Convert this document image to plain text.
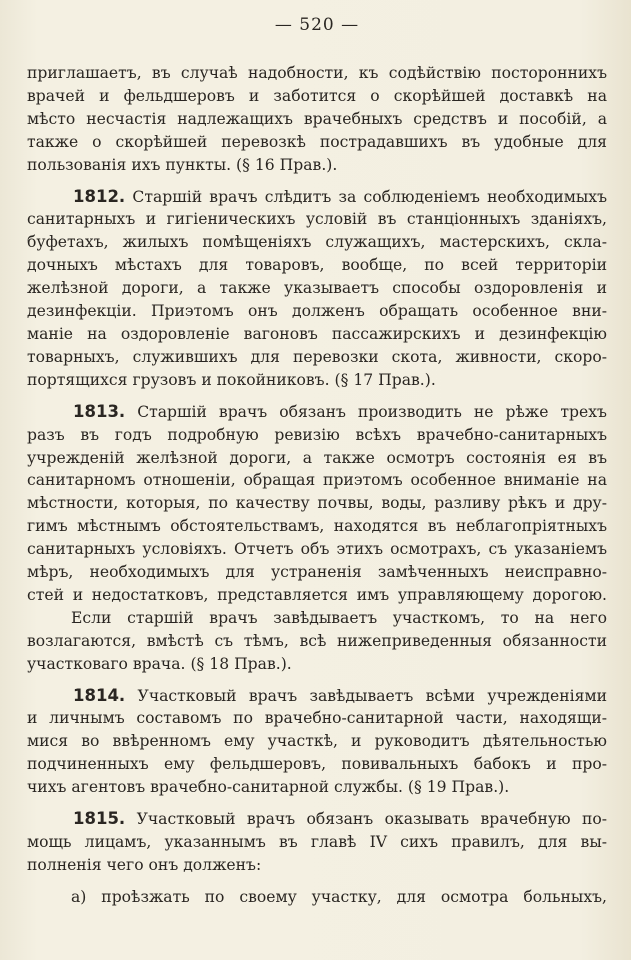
— 520 —
приглашаетъ, въ случаѣ надобности, къ содѣйствiю постороннихъ
врачей и фельдшеровъ и заботится о скорѣйшей доставкѣ на
мѣсто несчастiя надлежащихъ врачебныхъ средствъ и пособiй, а
также о скорѣйшей перевозкѣ пострадавшихъ въ удобные для
пользованiя ихъ пункты. (§ 16 Прав.).
1812. Старшiй врачъ слѣдитъ за соблюденiемъ необходимыхъ
санитарныхъ и гигiеническихъ условiй въ станцiонныхъ зданiяхъ,
буфетахъ, жилыхъ помѣщенiяхъ служащихъ, мастерскихъ, скла-
дочныхъ мѣстахъ для товаровъ, вообще, по всей территорiи
желѣзной дороги, а также указываетъ способы оздоровленiя и
дезинфекцiи. Приэтомъ онъ долженъ обращать особенное вни-
манiе на оздоровленiе вагоновъ пассажирскихъ и дезинфекцiю
товарныхъ, служившихъ для перевозки скота, живности, скоро-
портящихся грузовъ и покойниковъ. (§ 17 Прав.).
1813. Старшiй врачъ обязанъ производить не рѣже трехъ
разъ въ годъ подробную ревизiю всѣхъ врачебно-санитарныхъ
учрежденiй желѣзной дороги, а также осмотръ состоянiя ея въ
санитарномъ отношенiи, обращая приэтомъ особенное вниманiе на
мѣстности, которыя, по качеству почвы, воды, разливу рѣкъ и дру-
гимъ мѣстнымъ обстоятельствамъ, находятся въ неблагопрiятныхъ
санитарныхъ условiяхъ. Отчетъ объ этихъ осмотрахъ, съ указанiемъ
мѣръ, необходимыхъ для устраненiя замѣченныхъ неисправно-
стей и недостатковъ, представляется имъ управляющему дорогою.
Если старшiй врачъ завѣдываетъ участкомъ, то на него
возлагаются, вмѣстѣ съ тѣмъ, всѣ нижеприведенныя обязанности
участковаго врача. (§ 18 Прав.).
1814. Участковый врачъ завѣдываетъ всѣми учрежденiями
и личнымъ составомъ по врачебно-санитарной части, находящи-
мися во ввѣренномъ ему участкѣ, и руководитъ дѣятельностью
подчиненныхъ ему фельдшеровъ, повивальныхъ бабокъ и про-
чихъ агентовъ врачебно-санитарной службы. (§ 19 Прав.).
1815. Участковый врачъ обязанъ оказывать врачебную по-
мощь лицамъ, указаннымъ въ главѣ IV сихъ правилъ, для вы-
полненiя чего онъ долженъ:
а) проѣзжать по своему участку, для осмотра больныхъ,
